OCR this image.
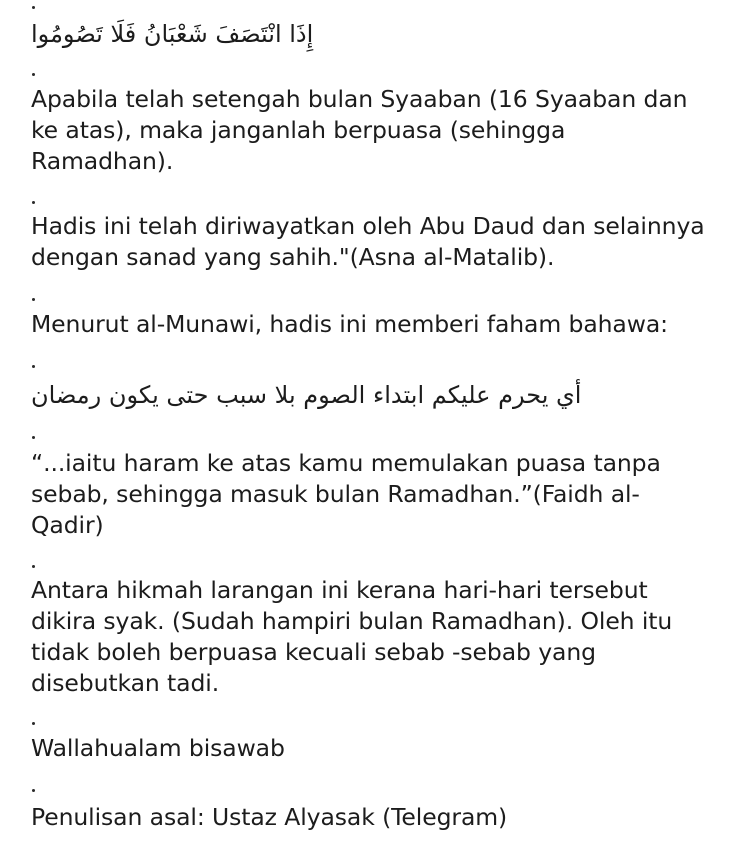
إِذَا انْتَصَفَ شَعْبَانُ فَلَا تَصُومُوا
Apabila telah setengah bulan Syaaban (16 Syaaban dan
ke atas), maka janganlah berpuasa (sehingga
Ramadhan).
Hadis ini telah diriwayatkan oleh Abu Daud dan selainnya
dengan sanad yang sahih."(Asna al-Matalib).
Menurut al-Munawi, hadis ini memberi faham bahawa:
أي يحرم عليكم ابتداء الصوم بلا سبب حتى يكون رمضان
“...iaitu haram ke atas kamu memulakan puasa tanpa
sebab, sehingga masuk bulan Ramadhan.”(Faidh al-
Qadir)
Antara hikmah larangan ini kerana hari-hari tersebut
dikira syak. (Sudah hampiri bulan Ramadhan). Oleh itu
tidak boleh berpuasa kecuali sebab -sebab yang
disebutkan tadi.
Wallahualam bisawab
Penulisan asal: Ustaz Alyasak (Telegram)
